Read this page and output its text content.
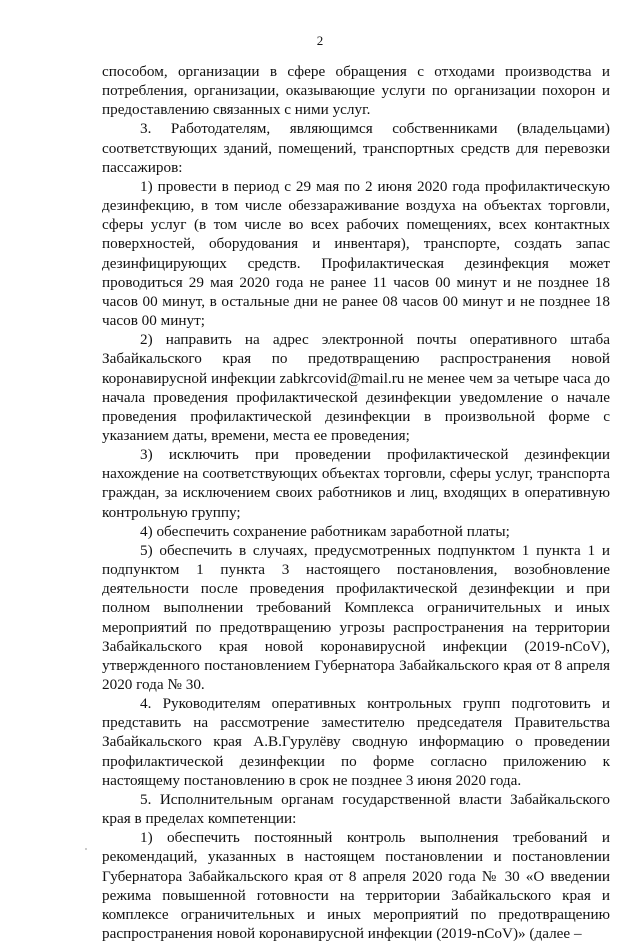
2

способом, организации в сфере обращения с отходами производства и потребления, организации, оказывающие услуги по организации похорон и предоставлению связанных с ними услуг.

3. Работодателям, являющимся собственниками (владельцами) соответствующих зданий, помещений, транспортных средств для перевозки пассажиров:

1) провести в период с 29 мая по 2 июня 2020 года профилактическую дезинфекцию, в том числе обеззараживание воздуха на объектах торговли, сферы услуг (в том числе во всех рабочих помещениях, всех контактных поверхностей, оборудования и инвентаря), транспорте, создать запас дезинфицирующих средств. Профилактическая дезинфекция может проводиться 29 мая 2020 года не ранее 11 часов 00 минут и не позднее 18 часов 00 минут, в остальные дни не ранее 08 часов 00 минут и не позднее 18 часов 00 минут;

2) направить на адрес электронной почты оперативного штаба Забайкальского края по предотвращению распространения новой коронавирусной инфекции zabkrcovid@mail.ru не менее чем за четыре часа до начала проведения профилактической дезинфекции уведомление о начале проведения профилактической дезинфекции в произвольной форме с указанием даты, времени, места ее проведения;

3) исключить при проведении профилактической дезинфекции нахождение на соответствующих объектах торговли, сферы услуг, транспорта граждан, за исключением своих работников и лиц, входящих в оперативную контрольную группу;

4) обеспечить сохранение работникам заработной платы;

5) обеспечить в случаях, предусмотренных подпунктом 1 пункта 1 и подпунктом 1 пункта 3 настоящего постановления, возобновление деятельности после проведения профилактической дезинфекции и при полном выполнении требований Комплекса ограничительных и иных мероприятий по предотвращению угрозы распространения на территории Забайкальского края новой коронавирусной инфекции (2019-nCoV), утвержденного постановлением Губернатора Забайкальского края от 8 апреля 2020 года № 30.

4. Руководителям оперативных контрольных групп подготовить и представить на рассмотрение заместителю председателя Правительства Забайкальского края А.В.Гурулёву сводную информацию о проведении профилактической дезинфекции по форме согласно приложению к настоящему постановлению в срок не позднее 3 июня 2020 года.

5. Исполнительным органам государственной власти Забайкальского края в пределах компетенции:

1) обеспечить постоянный контроль выполнения требований и рекомендаций, указанных в настоящем постановлении и постановлении Губернатора Забайкальского края от 8 апреля 2020 года № 30 «О введении режима повышенной готовности на территории Забайкальского края и комплексе ограничительных и иных мероприятий по предотвращению распространения новой коронавирусной инфекции (2019-nCoV)» (далее –
